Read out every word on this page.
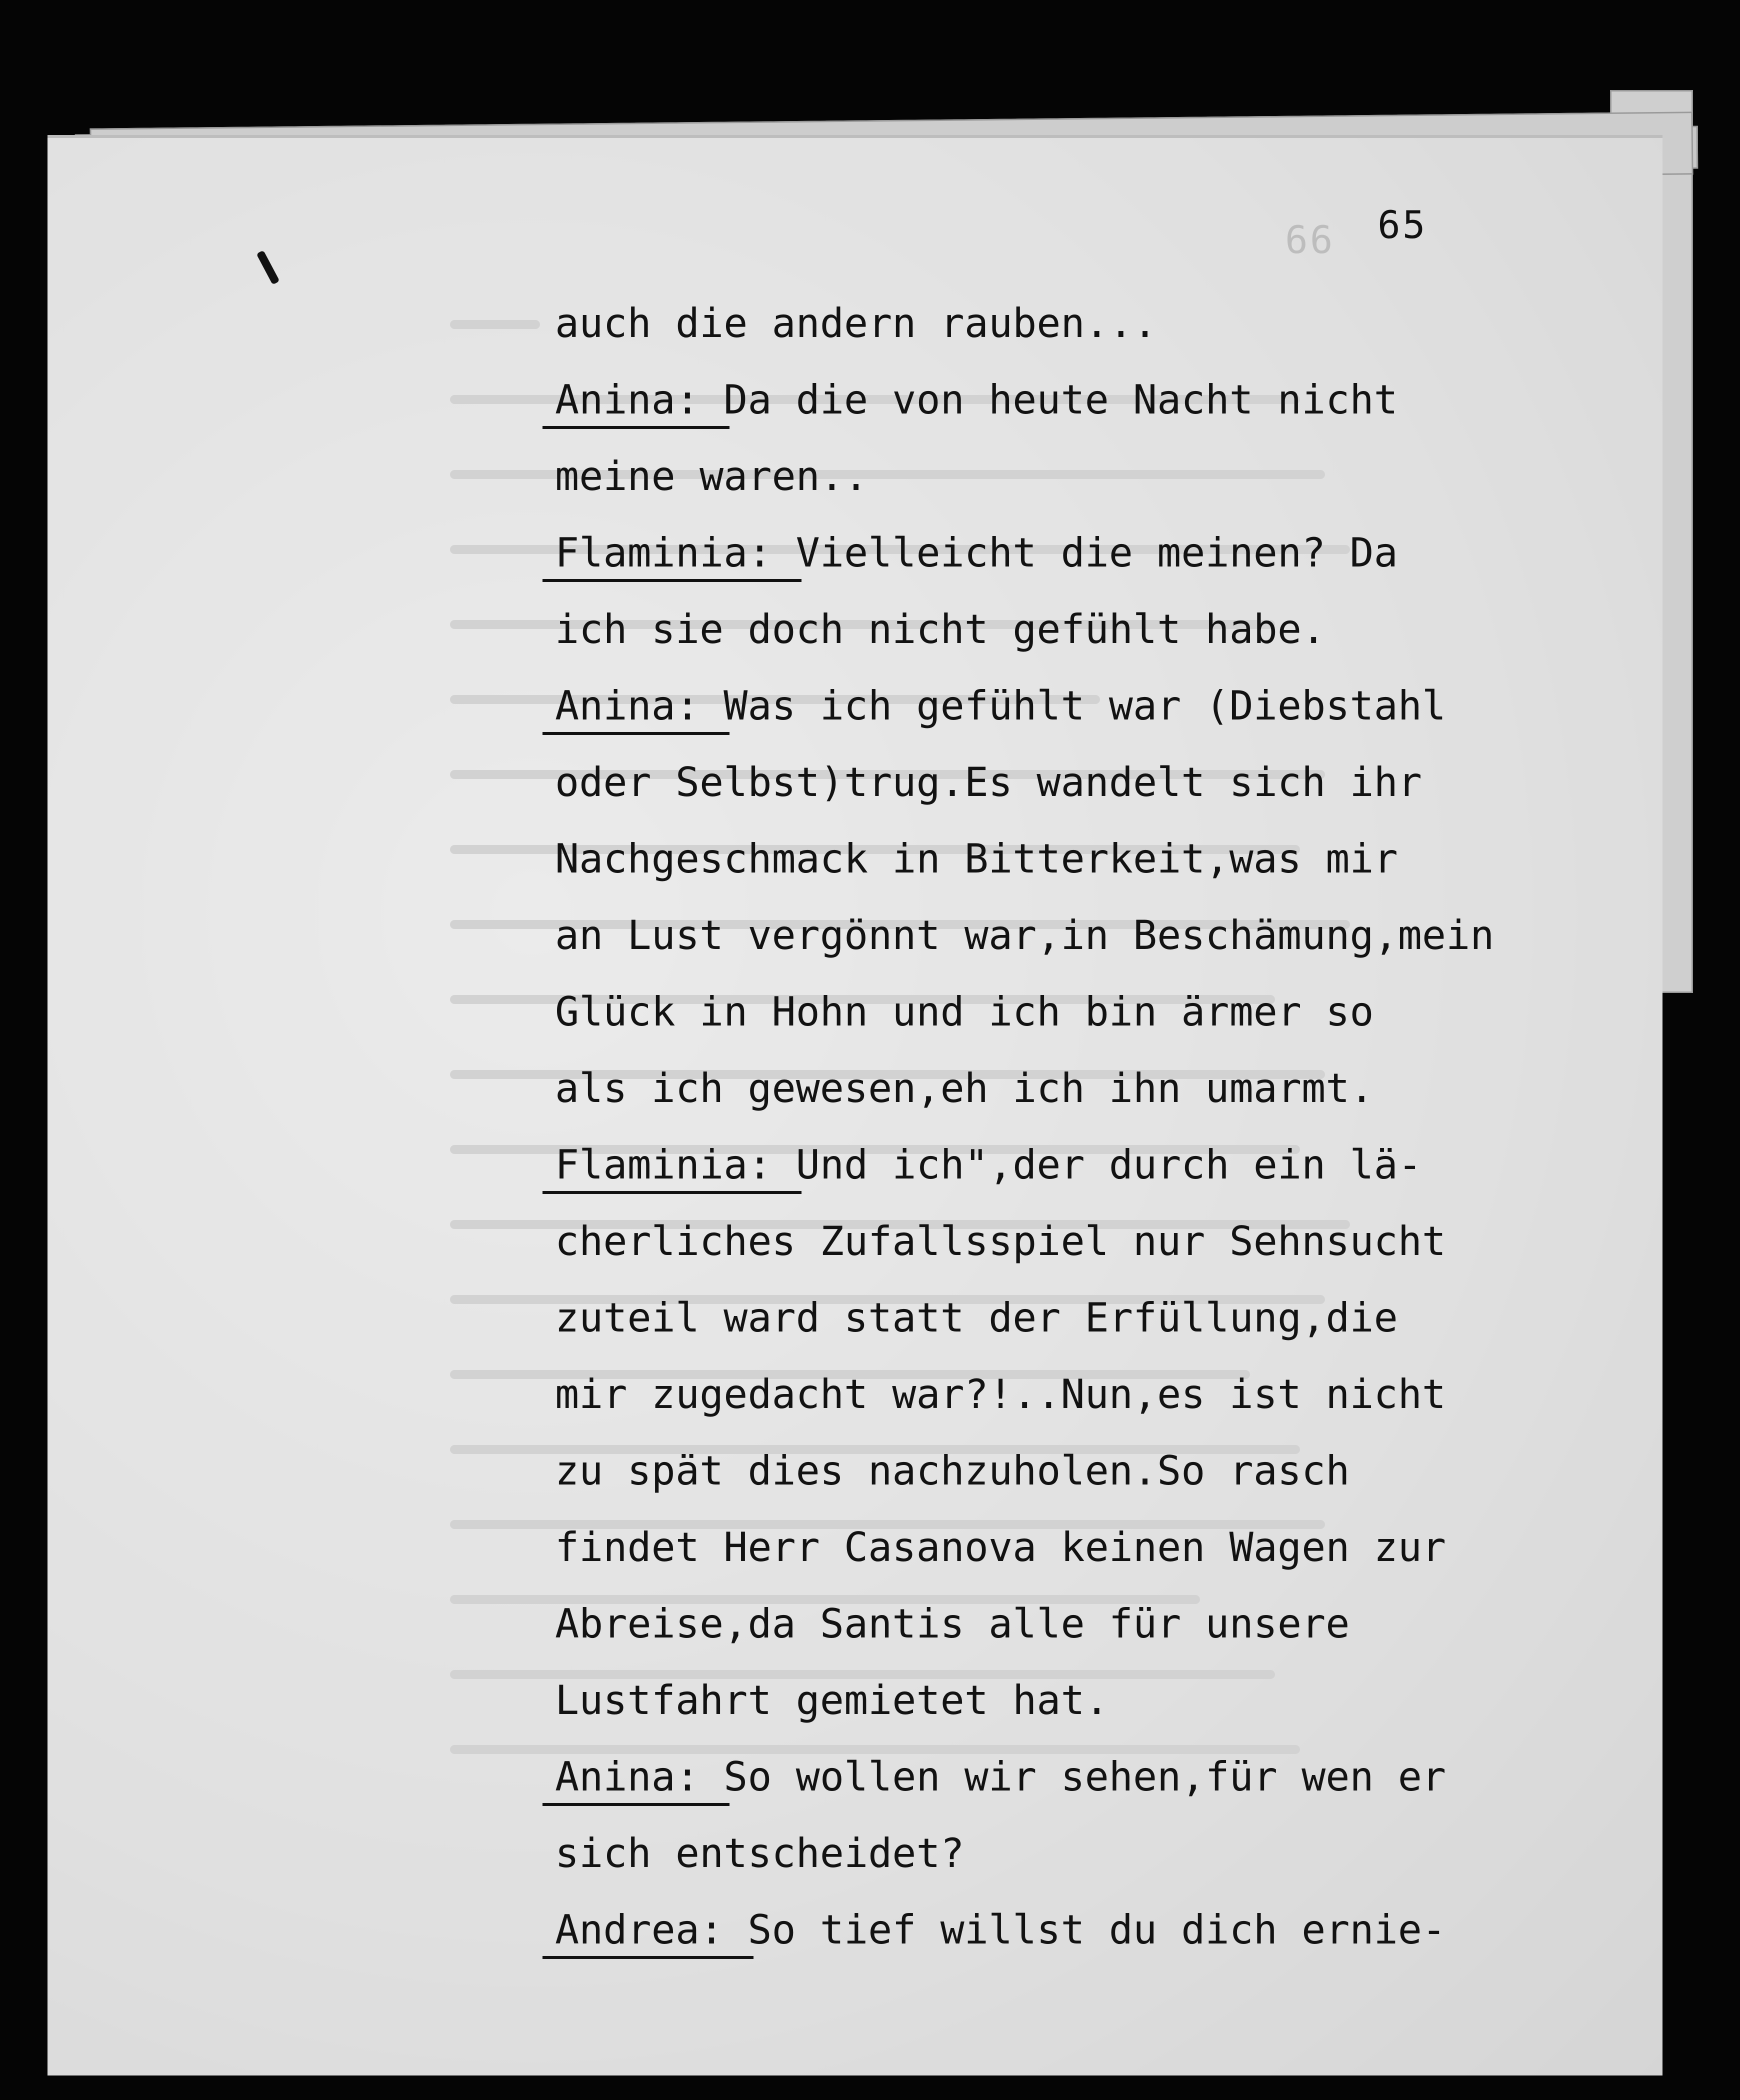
66 65
auch die andern rauben...
Anina: Da die von heute Nacht nicht
meine waren..
Flaminia: Vielleicht die meinen? Da
ich sie doch nicht gefühlt habe.
Anina: Was ich gefühlt war (Diebstahl
oder Selbst)trug.Es wandelt sich ihr
Nachgeschmack in Bitterkeit,was mir
an Lust vergönnt war,in Beschämung,mein
Glück in Hohn und ich bin ärmer so
als ich gewesen,eh ich ihn umarmt.
Flaminia: Und ich",der durch ein lä-
cherliches Zufallsspiel nur Sehnsucht
zuteil ward statt der Erfüllung,die
mir zugedacht war?!..Nun,es ist nicht
zu spät dies nachzuholen.So rasch
findet Herr Casanova keinen Wagen zur
Abreise,da Santis alle für unsere
Lustfahrt gemietet hat.
Anina: So wollen wir sehen,für wen er
sich entscheidet?
Andrea: So tief willst du dich ernie-
